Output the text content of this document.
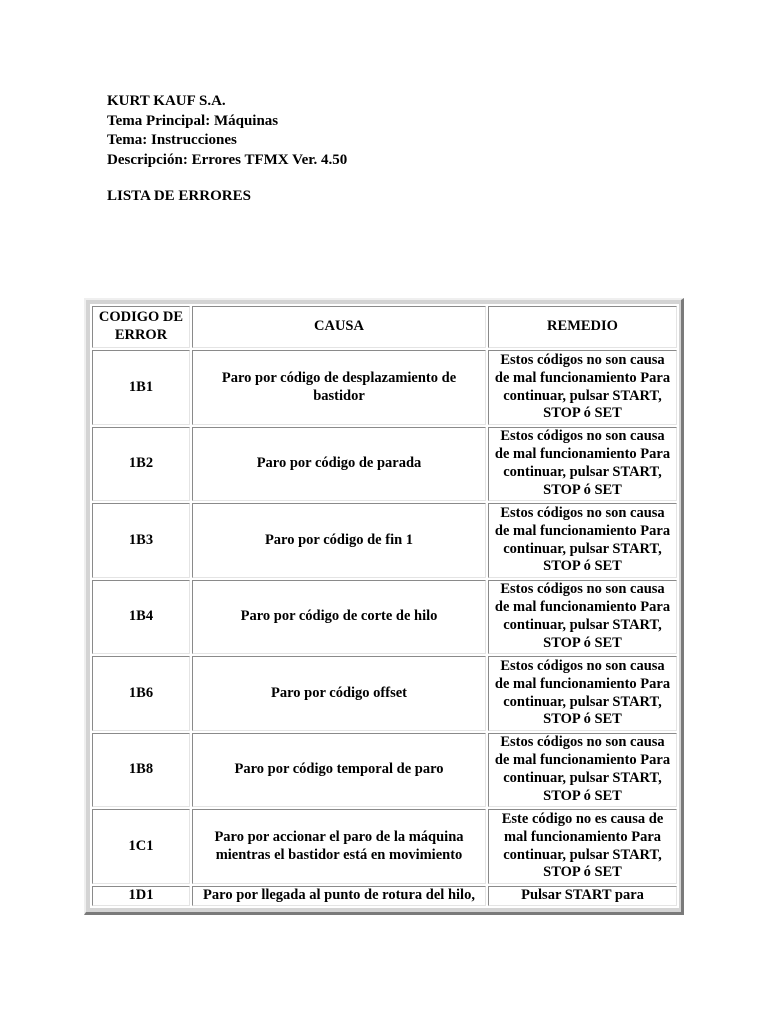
KURT KAUF S.A.
Tema Principal: Máquinas
Tema: Instrucciones
Descripción: Errores TFMX Ver. 4.50
LISTA DE ERRORES
CODIGO DE ERROR	CAUSA	REMEDIO
1B1	Paro por código de desplazamiento de bastidor	Estos códigos no son causa de mal funcionamiento Para continuar, pulsar START, STOP ó SET
1B2	Paro por código de parada	Estos códigos no son causa de mal funcionamiento Para continuar, pulsar START, STOP ó SET
1B3	Paro por código de fin 1	Estos códigos no son causa de mal funcionamiento Para continuar, pulsar START, STOP ó SET
1B4	Paro por código de corte de hilo	Estos códigos no son causa de mal funcionamiento Para continuar, pulsar START, STOP ó SET
1B6	Paro por código offset	Estos códigos no son causa de mal funcionamiento Para continuar, pulsar START, STOP ó SET
1B8	Paro por código temporal de paro	Estos códigos no son causa de mal funcionamiento Para continuar, pulsar START, STOP ó SET
1C1	Paro por accionar el paro de la máquina mientras el bastidor está en movimiento	Este código no es causa de mal funcionamiento Para continuar, pulsar START, STOP ó SET
1D1	Paro por llegada al punto de rotura del hilo,	Pulsar START para
